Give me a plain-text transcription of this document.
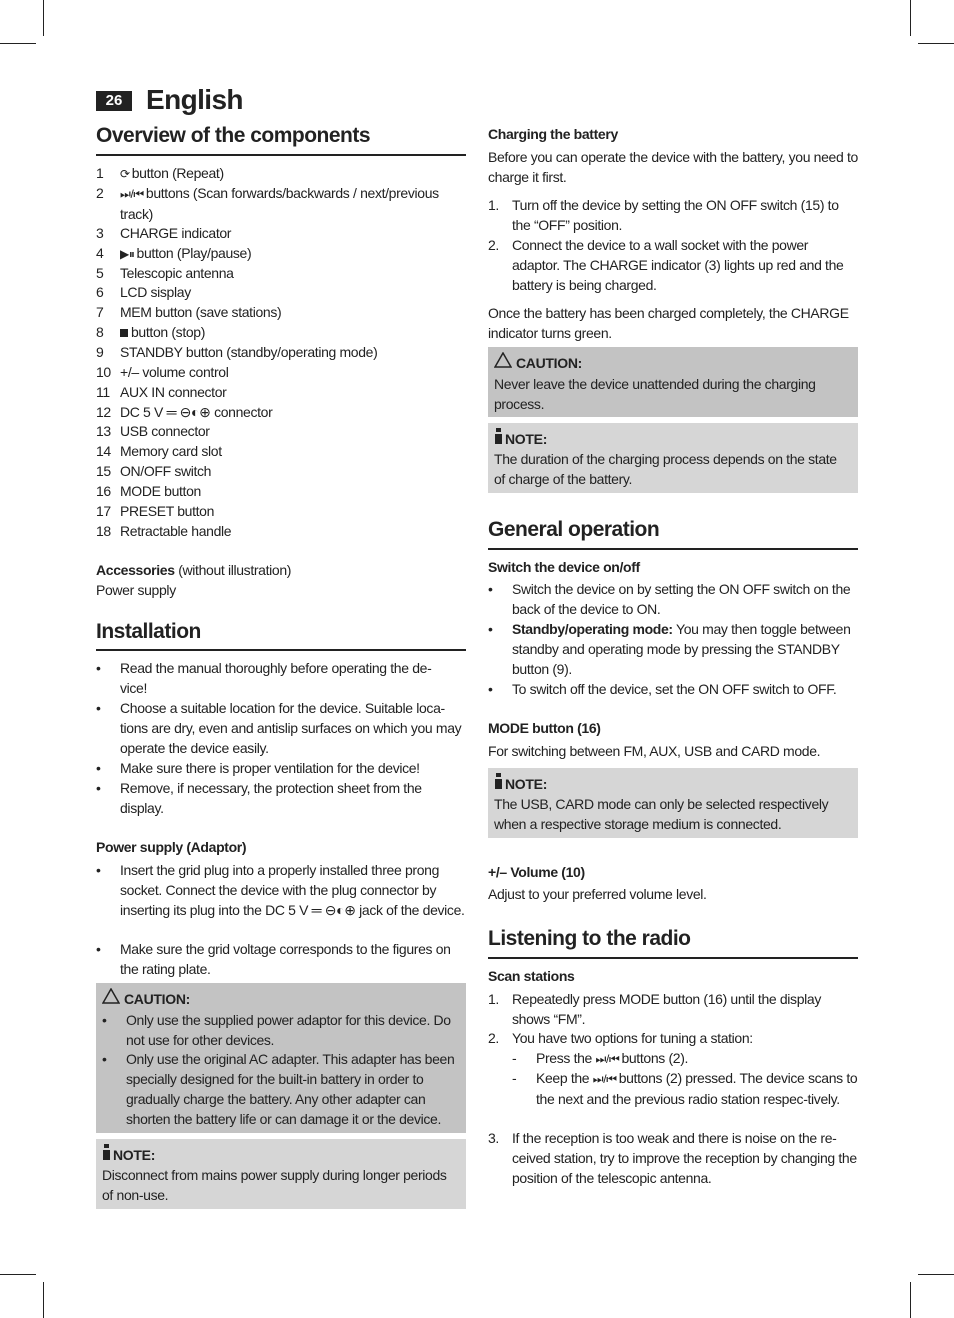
26 English
Overview of the components
1	⟳ button (Repeat)
2	⏭/⏮ buttons (Scan forwards/backwards / next/previous track)
3	CHARGE indicator
4	▶⏸ button (Play/pause)
5	Telescopic antenna
6	LCD sisplay
7	MEM button (save stations)
8	button (stop)
9	STANDBY button (standby/operating mode)
10 +/– volume control
11 AUX IN connector
12 DC 5 V ═ ⊖◐⊕ connector
13 USB connector
14 Memory card slot
15 ON/OFF switch
16 MODE button
17 PRESET button
18 Retractable handle
Accessories (without illustration)
Power supply
Installation
•	Read the manual thoroughly before operating the de-vice!
•	Choose a suitable location for the device. Suitable loca-tions are dry, even and antislip surfaces on which you may operate the device easily.
•	Make sure there is proper ventilation for the device!
•	Remove, if necessary, the protection sheet from the display.
Power supply (Adaptor)
•	Insert the grid plug into a properly installed three prong socket. Connect the device with the plug connector by inserting its plug into the DC 5 V ═ ⊖◐⊕ jack of the device.
•	Make sure the grid voltage corresponds to the figures on the rating plate.
CAUTION:
•	Only use the supplied power adaptor for this device. Do not use for other devices.
•	Only use the original AC adapter. This adapter has been specially designed for the built-in battery in order to gradually charge the battery. Any other adapter can shorten the battery life or can damage it or the device.
NOTE:
Disconnect from mains power supply during longer periods of non-use.
Charging the battery
Before you can operate the device with the battery, you need to charge it first.
1. Turn off the device by setting the ON OFF switch (15) to the “OFF” position.
2. Connect the device to a wall socket with the power adaptor. The CHARGE indicator (3) lights up red and the battery is being charged.
Once the battery has been charged completely, the CHARGE indicator turns green.
CAUTION:
Never leave the device unattended during the charging process.
NOTE:
The duration of the charging process depends on the state of charge of the battery.
General operation
Switch the device on/off
•	Switch the device on by setting the ON OFF switch on the back of the device to ON.
•	Standby/operating mode: You may then toggle between standby and operating mode by pressing the STANDBY button (9).
•	To switch off the device, set the ON OFF switch to OFF.
MODE button (16)
For switching between FM, AUX, USB and CARD mode.
NOTE:
The USB, CARD mode can only be selected respectively when a respective storage medium is connected.
+/– Volume (10)
Adjust to your preferred volume level.
Listening to the radio
Scan stations
1. Repeatedly press MODE button (16) until the display shows “FM”.
2. You have two options for tuning a station:
-	Press the ⏭/⏮ buttons (2).
-	Keep the ⏭/⏮ buttons (2) pressed. The device scans to the next and the previous radio station respec-tively.
3. If the reception is too weak and there is noise on the re-ceived station, try to improve the reception by changing the position of the telescopic antenna.
